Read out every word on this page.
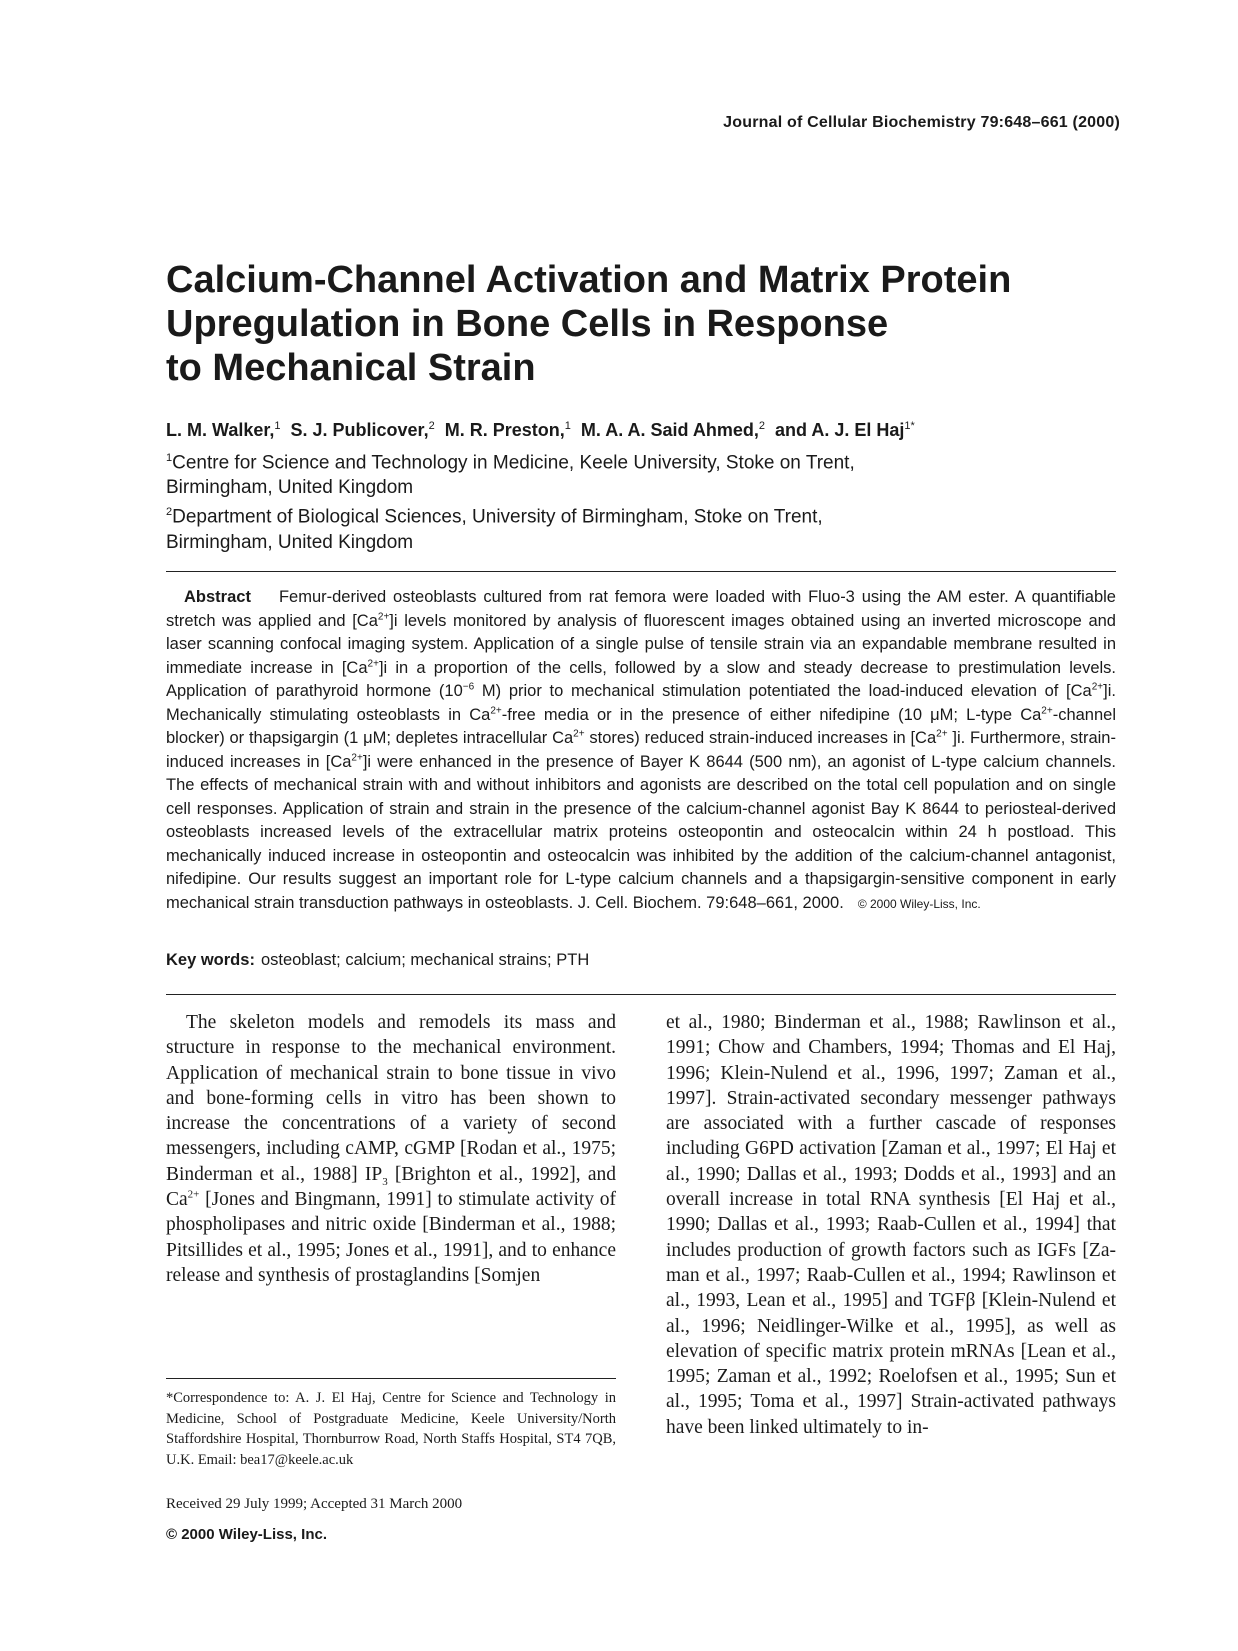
Journal of Cellular Biochemistry 79:648–661 (2000)
Calcium-Channel Activation and Matrix Protein
Upregulation in Bone Cells in Response
to Mechanical Strain
L. M. Walker,$^1$ S. J. Publicover,$^2$ M. R. Preston,$^1$ M. A. A. Said Ahmed,$^2$ and A. J. El Haj$^{1*}$
$^1$Centre for Science and Technology in Medicine, Keele University, Stoke on Trent,
Birmingham, United Kingdom
$^2$Department of Biological Sciences, University of Birmingham, Stoke on Trent,
Birmingham, United Kingdom
Abstract Femur-derived osteoblasts cultured from rat femora were loaded with Fluo-3 using the AM ester. A quantifiable stretch was applied and $[Ca^{2+}]i$ levels monitored by analysis of fluorescent images obtained using an inverted microscope and laser scanning confocal imaging system. Application of a single pulse of tensile strain via an expandable membrane resulted in immediate increase in $[Ca^{2+}]i$ in a proportion of the cells, followed by a slow and steady decrease to prestimulation levels. Application of parathyroid hormone ($10^{-6}$ M) prior to mechanical stimulation potentiated the load-induced elevation of $[Ca^{2+}]i$. Mechanically stimulating osteoblasts in $Ca^{2+}$-free media or in the presence of either nifedipine (10 μM; L-type $Ca^{2+}$-channel blocker) or thapsigargin (1 μM; depletes intracellular $Ca^{2+}$ stores) reduced strain-induced increases in [$Ca^{2+}$ ]i. Furthermore, strain-induced increases in $[Ca^{2+}]i$ were enhanced in the presence of Bayer K 8644 (500 nm), an agonist of L-type calcium channels. The effects of mechanical strain with and without inhibitors and agonists are described on the total cell population and on single cell responses. Application of strain and strain in the presence of the calcium-channel agonist Bay K 8644 to periosteal-derived osteoblasts increased levels of the extracellular matrix proteins osteopontin and osteocalcin within 24 h postload. This mechanically induced increase in osteopontin and osteocalcin was inhibited by the addition of the calcium-channel antagonist, nifedipine. Our results suggest an important role for L-type calcium channels and a thapsigargin-sensitive component in early mechanical strain transduction pathways in osteoblasts. J. Cell. Biochem. 79:648–661, 2000. © 2000 Wiley-Liss, Inc.
Key words: osteoblast; calcium; mechanical strains; PTH
The skeleton models and remodels its mass and structure in response to the mechanical environment. Application of mechanical strain to bone tissue in vivo and bone-forming cells in vitro has been shown to increase the concentrations of a variety of second messengers, including cAMP, cGMP [Rodan et al., 1975; Binderman et al., 1988] $IP_3$ [Brighton et al., 1992], and $Ca^{2+}$ [Jones and Bingmann, 1991] to stimulate activity of phospholipases and nitric oxide [Binderman et al., 1988; Pitsillides et al., 1995; Jones et al., 1991], and to enhance release and synthesis of prostaglandins [Somjen
et al., 1980; Binderman et al., 1988; Rawlinson et al., 1991; Chow and Chambers, 1994; Thomas and El Haj, 1996; Klein-Nulend et al., 1996, 1997; Zaman et al., 1997]. Strain-activated secondary messenger pathways are associated with a further cascade of responses including G6PD activation [Zaman et al., 1997; El Haj et al., 1990; Dallas et al., 1993; Dodds et al., 1993] and an overall increase in total RNA synthesis [El Haj et al., 1990; Dallas et al., 1993; Raab-Cullen et al., 1994] that includes production of growth factors such as IGFs [Zaman et al., 1997; Raab-Cullen et al., 1994; Rawlinson et al., 1993, Lean et al., 1995] and TGFβ [Klein-Nulend et al., 1996; Neidlinger-Wilke et al., 1995], as well as elevation of specific matrix protein mRNAs [Lean et al., 1995; Zaman et al., 1992; Roelofsen et al., 1995; Sun et al., 1995; Toma et al., 1997] Strain-activated pathways have been linked ultimately to in-
*Correspondence to: A. J. El Haj, Centre for Science and Technology in Medicine, School of Postgraduate Medicine, Keele University/North Staffordshire Hospital, Thornburrow Road, North Staffs Hospital, ST4 7QB, U.K. Email: bea17@keele.ac.uk
Received 29 July 1999; Accepted 31 March 2000
© 2000 Wiley-Liss, Inc.
